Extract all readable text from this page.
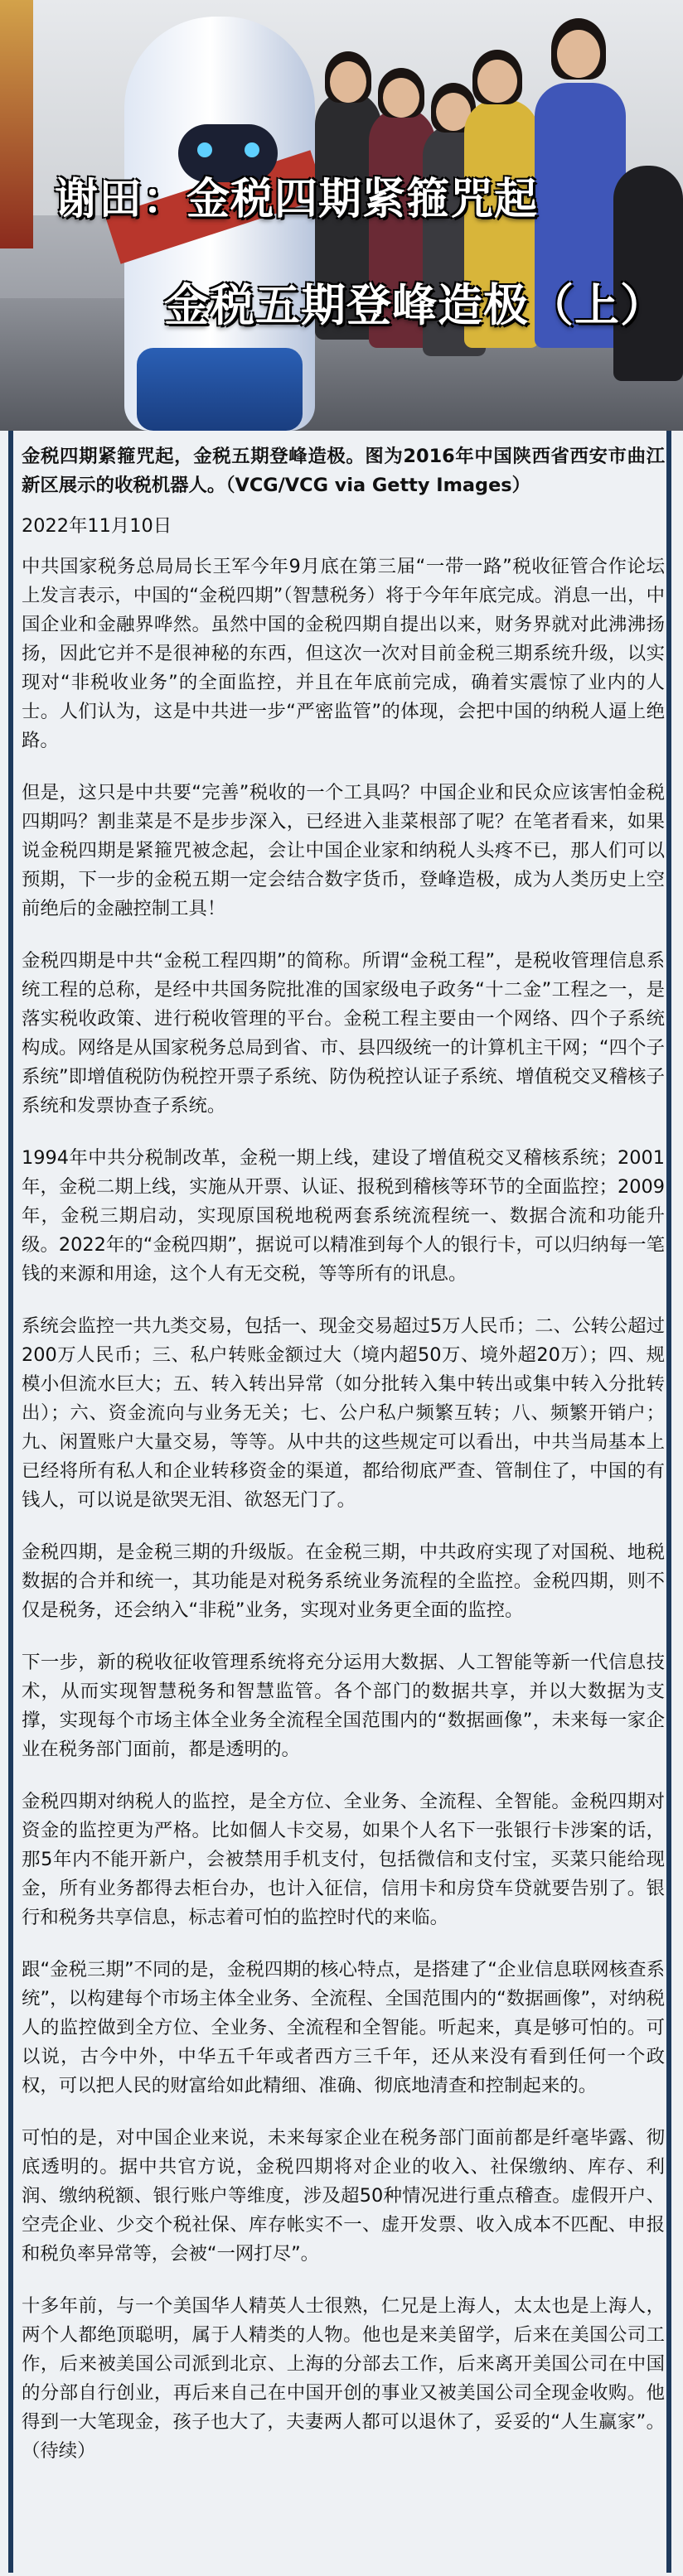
谢田：金税四期紧箍咒起
金税五期登峰造极（上）

金税四期紧箍咒起，金税五期登峰造极。图为2016年中国陕西省西安市曲江新区展示的收税机器人。（VCG/VCG via Getty Images）

2022年11月10日

中共国家税务总局局长王军今年9月底在第三届“一带一路”税收征管合作论坛上发言表示，中国的“金税四期”（智慧税务）将于今年年底完成。消息一出，中国企业和金融界哗然。虽然中国的金税四期自提出以来，财务界就对此沸沸扬扬，因此它并不是很神秘的东西，但这次一次对目前金税三期系统升级，以实现对“非税收业务”的全面监控，并且在年底前完成，确着实震惊了业内的人士。人们认为，这是中共进一步“严密监管”的体现，会把中国的纳税人逼上绝路。

但是，这只是中共要“完善”税收的一个工具吗？中国企业和民众应该害怕金税四期吗？割韭菜是不是步步深入，已经进入韭菜根部了呢？在笔者看来，如果说金税四期是紧箍咒被念起，会让中国企业家和纳税人头疼不已，那人们可以预期，下一步的金税五期一定会结合数字货币，登峰造极，成为人类历史上空前绝后的金融控制工具！

金税四期是中共“金税工程四期”的简称。所谓“金税工程”，是税收管理信息系统工程的总称，是经中共国务院批准的国家级电子政务“十二金”工程之一，是落实税收政策、进行税收管理的平台。金税工程主要由一个网络、四个子系统构成。网络是从国家税务总局到省、市、县四级统一的计算机主干网；“四个子系统”即增值税防伪税控开票子系统、防伪税控认证子系统、增值税交叉稽核子系统和发票协查子系统。

1994年中共分税制改革，金税一期上线，建设了增值税交叉稽核系统；2001年，金税二期上线，实施从开票、认证、报税到稽核等环节的全面监控；2009年，金税三期启动，实现原国税地税两套系统流程统一、数据合流和功能升级。2022年的“金税四期”，据说可以精准到每个人的银行卡，可以归纳每一笔钱的来源和用途，这个人有无交税，等等所有的讯息。

系统会监控一共九类交易，包括一、现金交易超过5万人民币；二、公转公超过200万人民币；三、私户转账金额过大（境内超50万、境外超20万）；四、规模小但流水巨大；五、转入转出异常（如分批转入集中转出或集中转入分批转出）；六、资金流向与业务无关；七、公户私户频繁互转；八、频繁开销户；九、闲置账户大量交易，等等。从中共的这些规定可以看出，中共当局基本上已经将所有私人和企业转移资金的渠道，都给彻底严查、管制住了，中国的有钱人，可以说是欲哭无泪、欲怒无门了。

金税四期，是金税三期的升级版。在金税三期，中共政府实现了对国税、地税数据的合并和统一，其功能是对税务系统业务流程的全监控。金税四期，则不仅是税务，还会纳入“非税”业务，实现对业务更全面的监控。

下一步，新的税收征收管理系统将充分运用大数据、人工智能等新一代信息技术，从而实现智慧税务和智慧监管。各个部门的数据共享，并以大数据为支撑，实现每个市场主体全业务全流程全国范围内的“数据画像”，未来每一家企业在税务部门面前，都是透明的。

金税四期对纳税人的监控，是全方位、全业务、全流程、全智能。金税四期对资金的监控更为严格。比如個人卡交易，如果个人名下一张银行卡涉案的话，那5年内不能开新户，会被禁用手机支付，包括微信和支付宝，买菜只能给现金，所有业务都得去柜台办，也计入征信，信用卡和房贷车贷就要告别了。银行和税务共享信息，标志着可怕的监控时代的来临。

跟“金税三期”不同的是，金税四期的核心特点，是搭建了“企业信息联网核查系统”，以构建每个市场主体全业务、全流程、全国范围内的“数据画像”，对纳税人的监控做到全方位、全业务、全流程和全智能。听起来，真是够可怕的。可以说，古今中外，中华五千年或者西方三千年，还从来没有看到任何一个政权，可以把人民的财富给如此精细、准确、彻底地清查和控制起来的。

可怕的是，对中国企业来说，未来每家企业在税务部门面前都是纤毫毕露、彻底透明的。据中共官方说，金税四期将对企业的收入、社保缴纳、库存、利润、缴纳税额、银行账户等维度，涉及超50种情况进行重点稽查。虚假开户、空壳企业、少交个税社保、库存帐实不一、虚开发票、收入成本不匹配、申报和税负率异常等，会被“一网打尽”。

十多年前，与一个美国华人精英人士很熟，仁兄是上海人，太太也是上海人，两个人都绝顶聪明，属于人精类的人物。他也是来美留学，后来在美国公司工作，后来被美国公司派到北京、上海的分部去工作，后来离开美国公司在中国的分部自行创业，再后来自己在中国开创的事业又被美国公司全现金收购。他得到一大笔现金，孩子也大了，夫妻两人都可以退休了，妥妥的“人生赢家”。（待续）
